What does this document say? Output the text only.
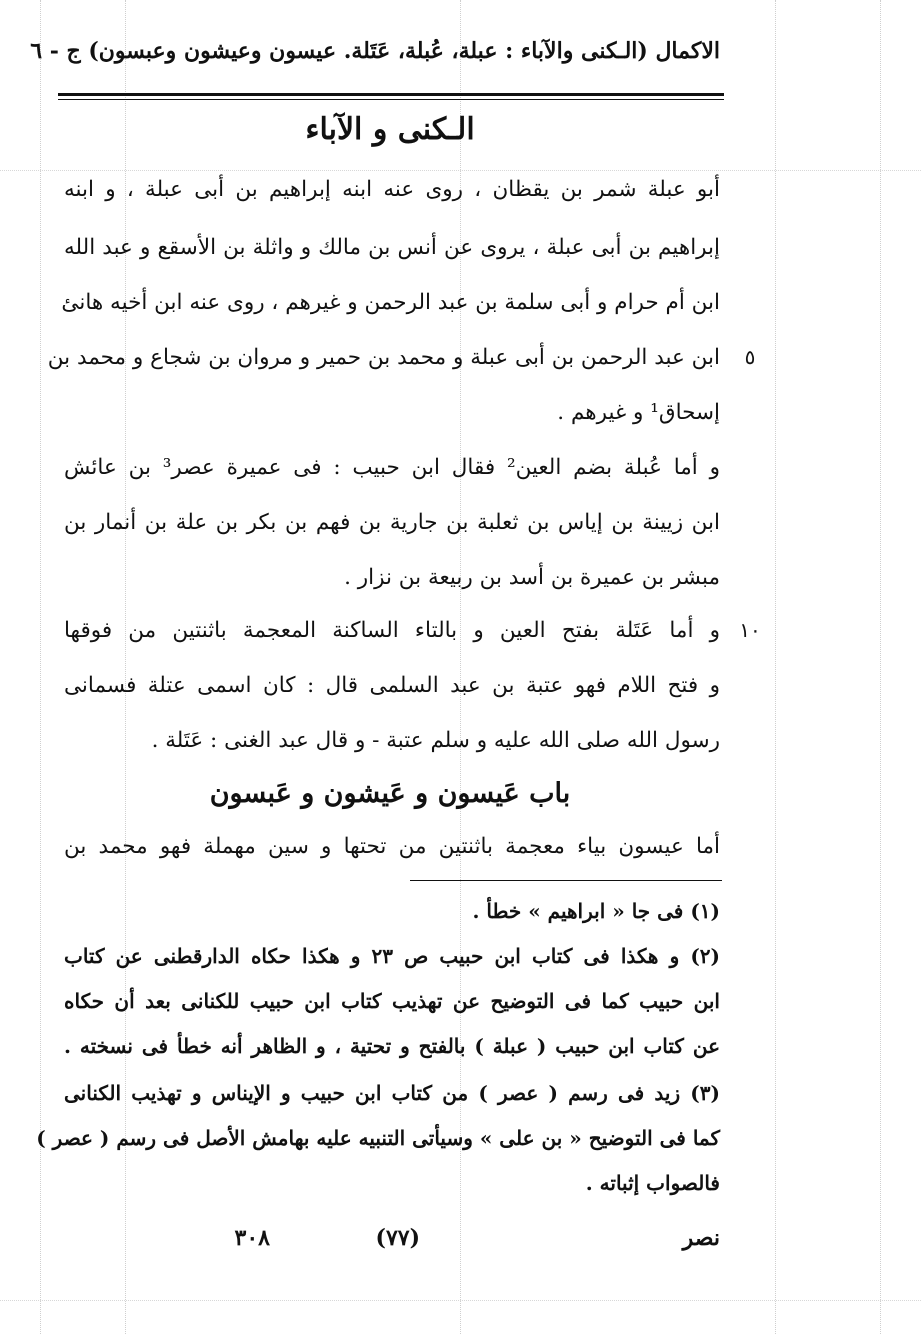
الاكمال (الـكنى والآباء : عبلة، عُبلة، عَتَلة. عيسون وعيشون وعبسون) ج - ٦
الـكنى و الآباء
أبو عبلة شمر بن يقظان ، روى عنه ابنه إبراهيم بن أبى عبلة ، و ابنه
إبراهيم بن أبى عبلة ، يروى عن أنس بن مالك و واثلة بن الأسقع و عبد الله
ابن أم حرام و أبى سلمة بن عبد الرحمن و غيرهم ، روى عنه ابن أخيه هانئ
٥
ابن عبد الرحمن بن أبى عبلة و محمد بن حمير و مروان بن شجاع و محمد بن
إسحاق¹ و غيرهم .
و أما عُبلة بضم العين² فقال ابن حبيب : فى عميرة عصر³ بن عائش
ابن زيينة بن إياس بن ثعلبة بن جارية بن فهم بن بكر بن علة بن أنمار بن
مبشر بن عميرة بن أسد بن ربيعة بن نزار .
١٠
و أما عَتَلة بفتح العين و بالتاء الساكنة المعجمة باثنتين من فوقها
و فتح اللام فهو عتبة بن عبد السلمى قال : كان اسمى عتلة فسمانى
رسول الله صلى الله عليه و سلم عتبة - و قال عبد الغنى : عَتَلة .
باب عَيسون و عَيشون و عَبسون
أما عيسون بياء معجمة باثنتين من تحتها و سين مهملة فهو محمد بن
(١) فى جا « ابراهيم » خطأ .
(٢) و هكذا فى كتاب ابن حبيب ص ٢٣ و هكذا حكاه الدارقطنى عن كتاب
ابن حبيب كما فى التوضيح عن تهذيب كتاب ابن حبيب للكنانى بعد أن حكاه
عن كتاب ابن حبيب ( عبلة ) بالفتح و تحتية ، و الظاهر أنه خطأ فى نسخته .
(٣) زيد فى رسم ( عصر ) من كتاب ابن حبيب و الإيناس و تهذيب الكنانى
كما فى التوضيح « بن على » وسيأتى التنبيه عليه بهامش الأصل فى رسم ( عصر )
فالصواب إثباته .
نصر
(٧٧)
٣٠٨
